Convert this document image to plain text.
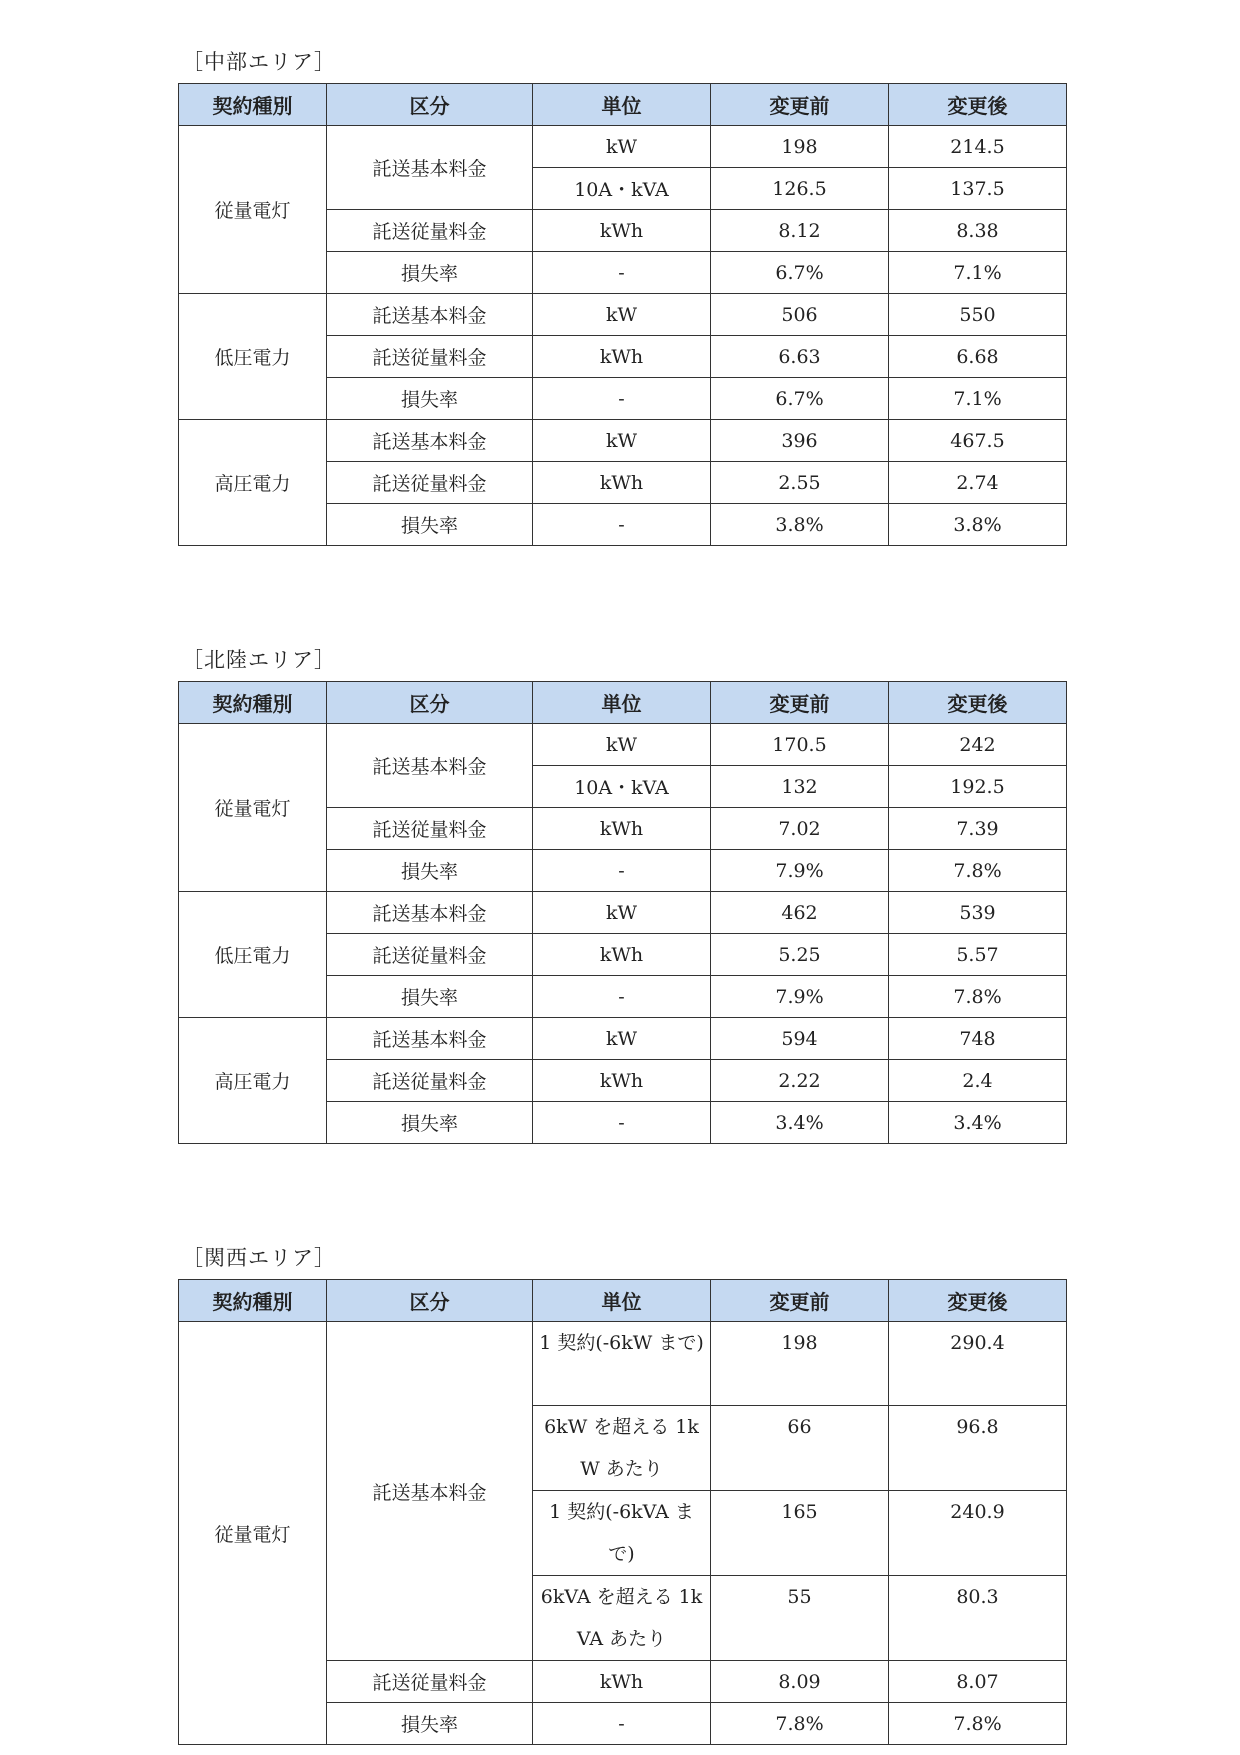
［中部エリア］
契約種別	区分	単位	変更前	変更後
従量電灯	託送基本料金	kW	198	214.5
		10A・kVA	126.5	137.5
	託送従量料金	kWh	8.12	8.38
	損失率	-	6.7%	7.1%
低圧電力	託送基本料金	kW	506	550
	託送従量料金	kWh	6.63	6.68
	損失率	-	6.7%	7.1%
高圧電力	託送基本料金	kW	396	467.5
	託送従量料金	kWh	2.55	2.74
	損失率	-	3.8%	3.8%
［北陸エリア］
契約種別	区分	単位	変更前	変更後
従量電灯	託送基本料金	kW	170.5	242
		10A・kVA	132	192.5
	託送従量料金	kWh	7.02	7.39
	損失率	-	7.9%	7.8%
低圧電力	託送基本料金	kW	462	539
	託送従量料金	kWh	5.25	5.57
	損失率	-	7.9%	7.8%
高圧電力	託送基本料金	kW	594	748
	託送従量料金	kWh	2.22	2.4
	損失率	-	3.4%	3.4%
［関西エリア］
契約種別	区分	単位	変更前	変更後
従量電灯	託送基本料金	1 契約(-6kW まで)	198	290.4
		6kW を超える 1kW あたり	66	96.8
		1 契約(-6kVA まで)	165	240.9
		6kVA を超える 1kVA あたり	55	80.3
	託送従量料金	kWh	8.09	8.07
	損失率	-	7.8%	7.8%
